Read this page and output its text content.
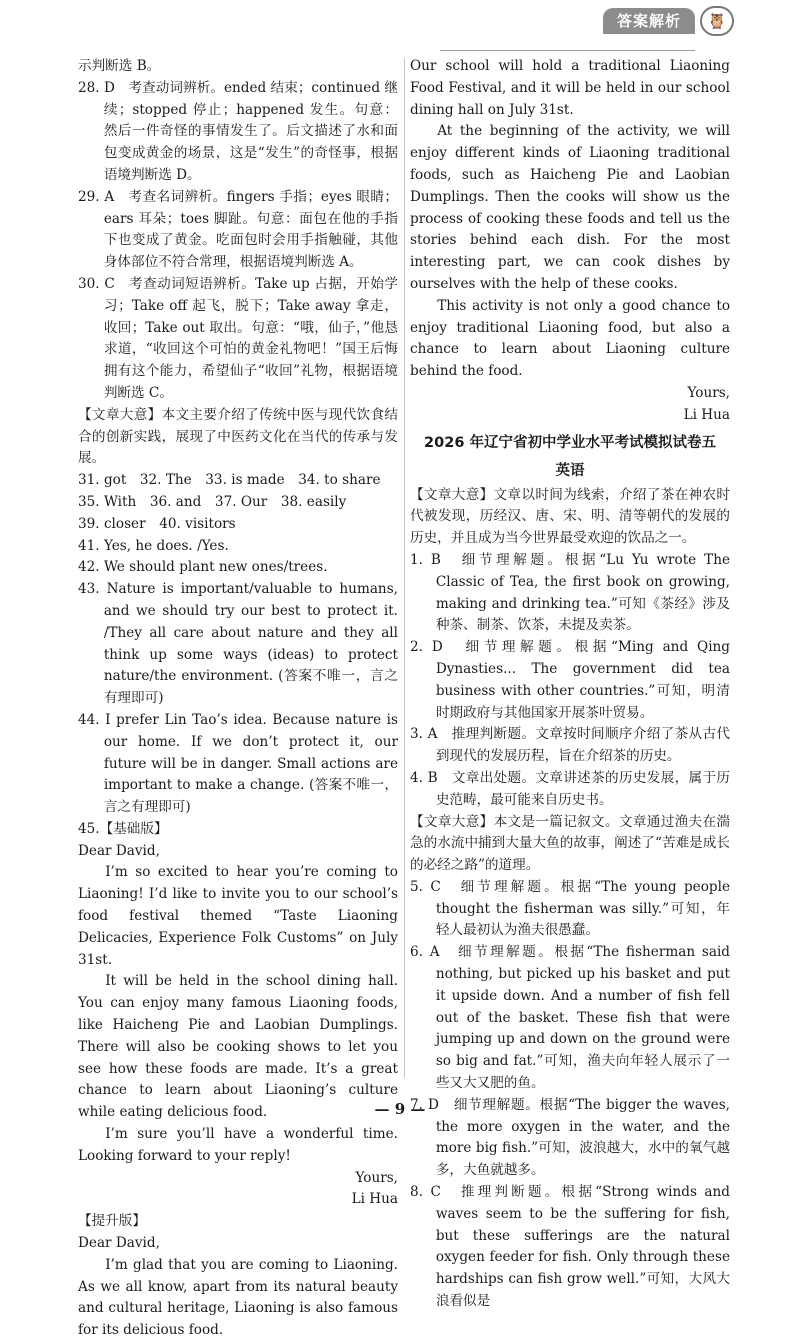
答案解析	🦉

示判断选 B。

28. D　考查动词辨析。ended 结束；continued 继续；stopped 停止；happened 发生。句意：然后一件奇怪的事情发生了。后文描述了水和面包变成黄金的场景，这是“发生”的奇怪事，根据语境判断选 D。

29. A　考查名词辨析。fingers 手指；eyes 眼睛；ears 耳朵；toes 脚趾。句意：面包在他的手指下也变成了黄金。吃面包时会用手指触碰，其他身体部位不符合常理，根据语境判断选 A。

30. C　考查动词短语辨析。Take up 占据，开始学习；Take off 起飞，脱下；Take away 拿走，收回；Take out 取出。句意：“哦，仙子，”他恳求道，“收回这个可怕的黄金礼物吧！”国王后悔拥有这个能力，希望仙子“收回”礼物，根据语境判断选 C。

【文章大意】本文主要介绍了传统中医与现代饮食结合的创新实践，展现了中医药文化在当代的传承与发展。

31. got　32. The　33. is made　34. to share

35. With　36. and　37. Our　38. easily

39. closer　40. visitors

41. Yes, he does. /Yes.

42. We should plant new ones/trees.

43. Nature is important/valuable to humans, and we should try our best to protect it. /They all care about nature and they all think up some ways (ideas) to protect nature/the environment. (答案不唯一，言之有理即可)

44. I prefer Lin Tao’s idea. Because nature is our home. If we don’t protect it, our future will be in danger. Small actions are important to make a change. (答案不唯一，言之有理即可)

45.【基础版】

Dear David,

I’m so excited to hear you’re coming to Liaoning! I’d like to invite you to our school’s food festival themed “Taste Liaoning Delicacies, Experience Folk Customs” on July 31st.

It will be held in the school dining hall. You can enjoy many famous Liaoning foods, like Haicheng Pie and Laobian Dumplings. There will also be cooking shows to let you see how these foods are made. It’s a great chance to learn about Liaoning’s culture while eating delicious food.

I’m sure you’ll have a wonderful time. Looking forward to your reply!

Yours,

Li Hua

【提升版】

Dear David,

I’m glad that you are coming to Liaoning. As we all know, apart from its natural beauty and cultural heritage, Liaoning is also famous for its delicious food.

Our school will hold a traditional Liaoning Food Festival, and it will be held in our school dining hall on July 31st.

At the beginning of the activity, we will enjoy different kinds of Liaoning traditional foods, such as Haicheng Pie and Laobian Dumplings. Then the cooks will show us the process of cooking these foods and tell us the stories behind each dish. For the most interesting part, we can cook dishes by ourselves with the help of these cooks.

This activity is not only a good chance to enjoy traditional Liaoning food, but also a chance to learn about Liaoning culture behind the food.

Yours,

Li Hua

2026 年辽宁省初中学业水平考试模拟试卷五
英语

【文章大意】文章以时间为线索，介绍了茶在神农时代被发现，历经汉、唐、宋、明、清等朝代的发展的历史，并且成为当今世界最受欢迎的饮品之一。

1. B　细节理解题。根据“Lu Yu wrote The Classic of Tea, the first book on growing, making and drinking tea.”可知《茶经》涉及种茶、制茶、饮茶，未提及卖茶。

2. D　细节理解题。根据“Ming and Qing Dynasties... The government did tea business with other countries.”可知，明清时期政府与其他国家开展茶叶贸易。

3. A　推理判断题。文章按时间顺序介绍了茶从古代到现代的发展历程，旨在介绍茶的历史。

4. B　文章出处题。文章讲述茶的历史发展，属于历史范畴，最可能来自历史书。

【文章大意】本文是一篇记叙文。文章通过渔夫在湍急的水流中捕到大量大鱼的故事，阐述了“苦难是成长的必经之路”的道理。

5. C　细节理解题。根据“The young people thought the fisherman was silly.”可知，年轻人最初认为渔夫很愚蠢。

6. A　细节理解题。根据“The fisherman said nothing, but picked up his basket and put it upside down. And a number of fish fell out of the basket. These fish that were jumping up and down on the ground were so big and fat.”可知，渔夫向年轻人展示了一些又大又肥的鱼。

7. D　细节理解题。根据“The bigger the waves, the more oxygen in the water, and the more big fish.”可知，波浪越大，水中的氧气越多，大鱼就越多。

8. C　推理判断题。根据“Strong winds and waves seem to be the suffering for fish, but these sufferings are the natural oxygen feeder for fish. Only through these hardships can fish grow well.”可知，大风大浪看似是

— 9 —
